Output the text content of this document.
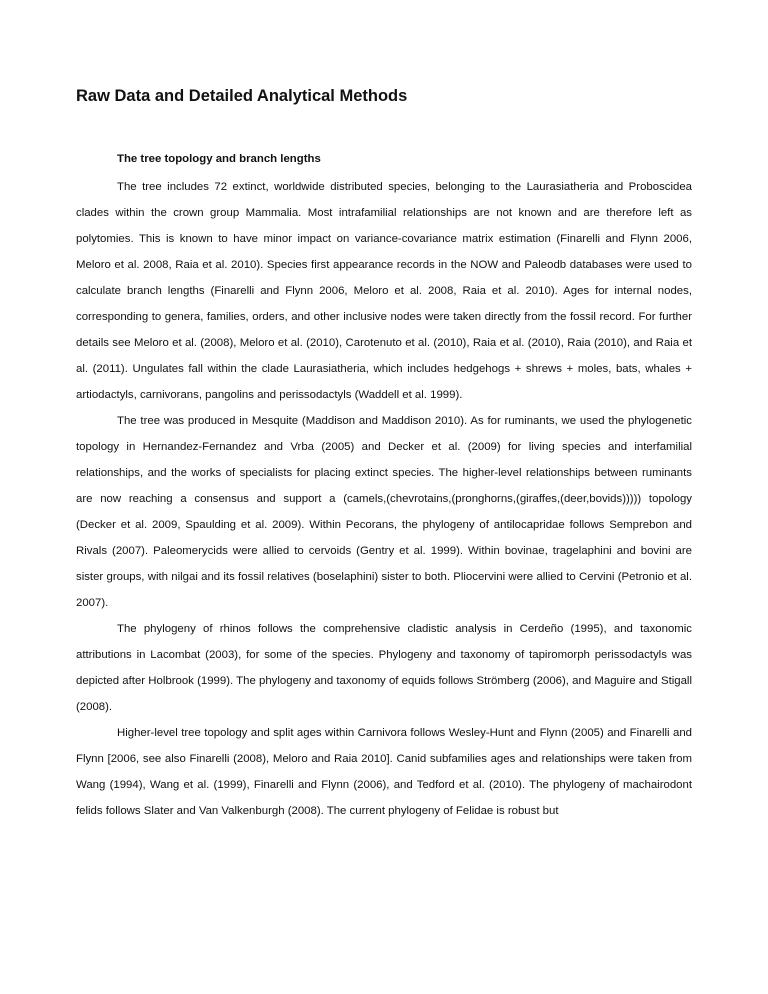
Raw Data and Detailed Analytical Methods
The tree topology and branch lengths

The tree includes 72 extinct, worldwide distributed species, belonging to the Laurasiatheria and Proboscidea clades within the crown group Mammalia. Most intrafamilial relationships are not known and are therefore left as polytomies. This is known to have minor impact on variance-covariance matrix estimation (Finarelli and Flynn 2006, Meloro et al. 2008, Raia et al. 2010). Species first appearance records in the NOW and Paleodb databases were used to calculate branch lengths (Finarelli and Flynn 2006, Meloro et al. 2008, Raia et al. 2010). Ages for internal nodes, corresponding to genera, families, orders, and other inclusive nodes were taken directly from the fossil record. For further details see Meloro et al. (2008), Meloro et al. (2010), Carotenuto et al. (2010), Raia et al. (2010), Raia (2010), and Raia et al. (2011). Ungulates fall within the clade Laurasiatheria, which includes hedgehogs + shrews + moles, bats, whales + artiodactyls, carnivorans, pangolins and perissodactyls (Waddell et al. 1999).

The tree was produced in Mesquite (Maddison and Maddison 2010). As for ruminants, we used the phylogenetic topology in Hernandez-Fernandez and Vrba (2005) and Decker et al. (2009) for living species and interfamilial relationships, and the works of specialists for placing extinct species. The higher-level relationships between ruminants are now reaching a consensus and support a (camels,(chevrotains,(pronghorns,(giraffes,(deer,bovids))))) topology (Decker et al. 2009, Spaulding et al. 2009). Within Pecorans, the phylogeny of antilocapridae follows Semprebon and Rivals (2007). Paleomerycids were allied to cervoids (Gentry et al. 1999). Within bovinae, tragelaphini and bovini are sister groups, with nilgai and its fossil relatives (boselaphini) sister to both. Pliocervini were allied to Cervini (Petronio et al. 2007).

The phylogeny of rhinos follows the comprehensive cladistic analysis in Cerdeño (1995), and taxonomic attributions in Lacombat (2003), for some of the species. Phylogeny and taxonomy of tapiromorph perissodactyls was depicted after Holbrook (1999). The phylogeny and taxonomy of equids follows Strömberg (2006), and Maguire and Stigall (2008).

Higher-level tree topology and split ages within Carnivora follows Wesley-Hunt and Flynn (2005) and Finarelli and Flynn [2006, see also Finarelli (2008), Meloro and Raia 2010]. Canid subfamilies ages and relationships were taken from Wang (1994), Wang et al. (1999), Finarelli and Flynn (2006), and Tedford et al. (2010). The phylogeny of machairodont felids follows Slater and Van Valkenburgh (2008). The current phylogeny of Felidae is robust but
